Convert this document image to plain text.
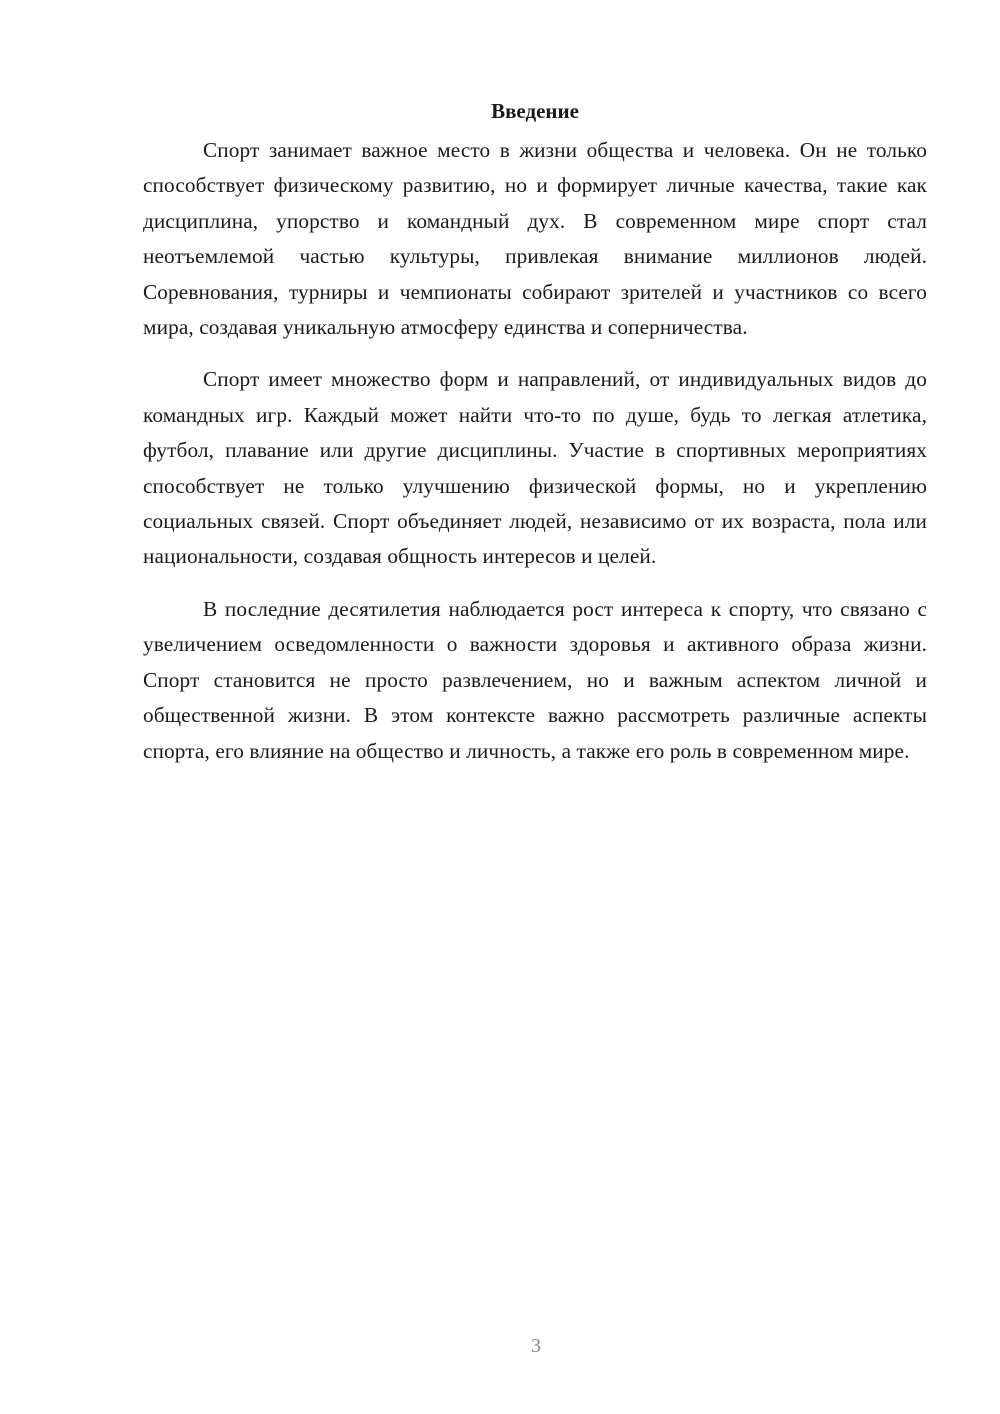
Введение

Спорт занимает важное место в жизни общества и человека. Он не только способствует физическому развитию, но и формирует личные качества, такие как дисциплина, упорство и командный дух. В современном мире спорт стал неотъемлемой частью культуры, привлекая внимание миллионов людей. Соревнования, турниры и чемпионаты собирают зрителей и участников со всего мира, создавая уникальную атмосферу единства и соперничества.

Спорт имеет множество форм и направлений, от индивидуальных видов до командных игр. Каждый может найти что-то по душе, будь то легкая атлетика, футбол, плавание или другие дисциплины. Участие в спортивных мероприятиях способствует не только улучшению физической формы, но и укреплению социальных связей. Спорт объединяет людей, независимо от их возраста, пола или национальности, создавая общность интересов и целей.

В последние десятилетия наблюдается рост интереса к спорту, что связано с увеличением осведомленности о важности здоровья и активного образа жизни. Спорт становится не просто развлечением, но и важным аспектом личной и общественной жизни. В этом контексте важно рассмотреть различные аспекты спорта, его влияние на общество и личность, а также его роль в современном мире.

3
